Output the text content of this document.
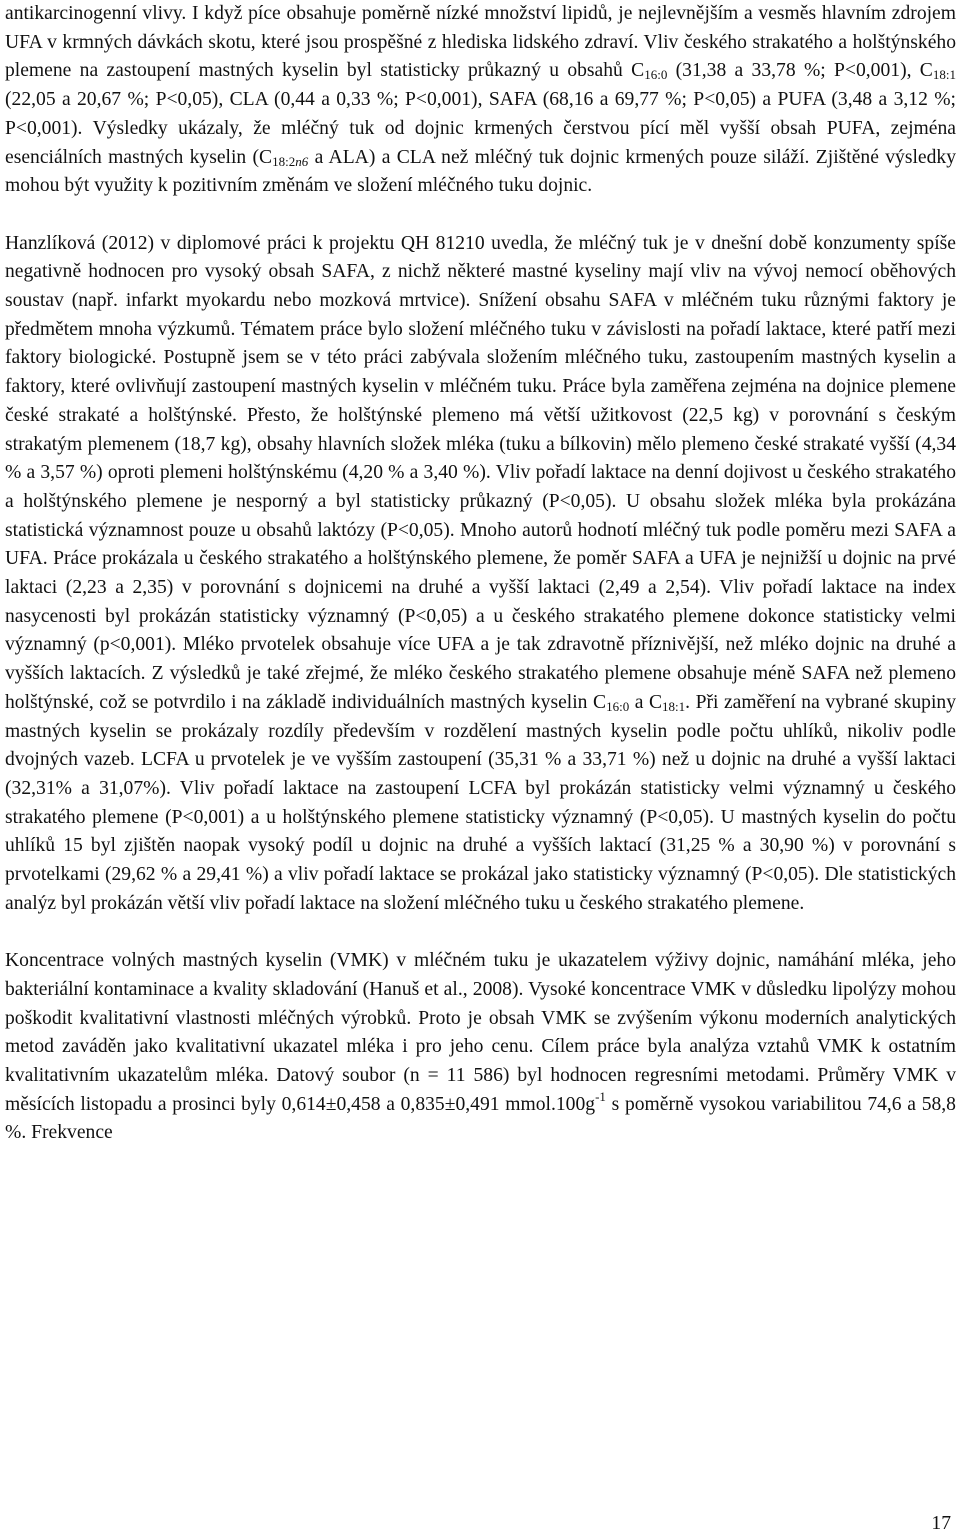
antikarcinogenní vlivy. I když píce obsahuje poměrně nízké množství lipidů, je nejlevnějším a vesměs hlavním zdrojem UFA v krmných dávkách skotu, které jsou prospěšné z hlediska lidského zdraví. Vliv českého strakatého a holštýnského plemene na zastoupení mastných kyselin byl statisticky průkazný u obsahů $C_{16:0}$ (31,38 a 33,78 %; P<0,001), $C_{18:1}$ (22,05 a 20,67 %; P<0,05), CLA (0,44 a 0,33 %; P<0,001), SAFA (68,16 a 69,77 %; P<0,05) a PUFA (3,48 a 3,12 %; P<0,001). Výsledky ukázaly, že mléčný tuk od dojnic krmených čerstvou pící měl vyšší obsah PUFA, zejména esenciálních mastných kyselin ($C_{18:2n6}$ a ALA) a CLA než mléčný tuk dojnic krmených pouze siláží. Zjištěné výsledky mohou být využity k pozitivním změnám ve složení mléčného tuku dojnic.

Hanzlíková (2012) v diplomové práci k projektu QH 81210 uvedla, že mléčný tuk je v dnešní době konzumenty spíše negativně hodnocen pro vysoký obsah SAFA, z nichž některé mastné kyseliny mají vliv na vývoj nemocí oběhových soustav (např. infarkt myokardu nebo mozková mrtvice). Snížení obsahu SAFA v mléčném tuku různými faktory je předmětem mnoha výzkumů. Tématem práce bylo složení mléčného tuku v závislosti na pořadí laktace, které patří mezi faktory biologické. Postupně jsem se v této práci zabývala složením mléčného tuku, zastoupením mastných kyselin a faktory, které ovlivňují zastoupení mastných kyselin v mléčném tuku. Práce byla zaměřena zejména na dojnice plemene české strakaté a holštýnské. Přesto, že holštýnské plemeno má větší užitkovost (22,5 kg) v porovnání s českým strakatým plemenem (18,7 kg), obsahy hlavních složek mléka (tuku a bílkovin) mělo plemeno české strakaté vyšší (4,34 % a 3,57 %) oproti plemeni holštýnskému (4,20 % a 3,40 %). Vliv pořadí laktace na denní dojivost u českého strakatého a holštýnského plemene je nesporný a byl statisticky průkazný (P<0,05). U obsahu složek mléka byla prokázána statistická významnost pouze u obsahů laktózy (P<0,05). Mnoho autorů hodnotí mléčný tuk podle poměru mezi SAFA a UFA. Práce prokázala u českého strakatého a holštýnského plemene, že poměr SAFA a UFA je nejnižší u dojnic na prvé laktaci (2,23 a 2,35) v porovnání s dojnicemi na druhé a vyšší laktaci (2,49 a 2,54). Vliv pořadí laktace na index nasycenosti byl prokázán statisticky významný (P<0,05) a u českého strakatého plemene dokonce statisticky velmi významný (p<0,001). Mléko prvotelek obsahuje více UFA a je tak zdravotně příznivější, než mléko dojnic na druhé a vyšších laktacích. Z výsledků je také zřejmé, že mléko českého strakatého plemene obsahuje méně SAFA než plemeno holštýnské, což se potvrdilo i na základě individuálních mastných kyselin $C_{16:0}$ a $C_{18:1}$. Při zaměření na vybrané skupiny mastných kyselin se prokázaly rozdíly především v rozdělení mastných kyselin podle počtu uhlíků, nikoliv podle dvojných vazeb. LCFA u prvotelek je ve vyšším zastoupení (35,31 % a 33,71 %) než u dojnic na druhé a vyšší laktaci (32,31% a 31,07%). Vliv pořadí laktace na zastoupení LCFA byl prokázán statisticky velmi významný u českého strakatého plemene (P<0,001) a u holštýnského plemene statisticky významný (P<0,05). U mastných kyselin do počtu uhlíků 15 byl zjištěn naopak vysoký podíl u dojnic na druhé a vyšších laktací (31,25 % a 30,90 %) v porovnání s prvotelkami (29,62 % a 29,41 %) a vliv pořadí laktace se prokázal jako statisticky významný (P<0,05). Dle statistických analýz byl prokázán větší vliv pořadí laktace na složení mléčného tuku u českého strakatého plemene.

Koncentrace volných mastných kyselin (VMK) v mléčném tuku je ukazatelem výživy dojnic, namáhání mléka, jeho bakteriální kontaminace a kvality skladování (Hanuš et al., 2008). Vysoké koncentrace VMK v důsledku lipolýzy mohou poškodit kvalitativní vlastnosti mléčných výrobků. Proto je obsah VMK se zvýšením výkonu moderních analytických metod zaváděn jako kvalitativní ukazatel mléka i pro jeho cenu. Cílem práce byla analýza vztahů VMK k ostatním kvalitativním ukazatelům mléka. Datový soubor (n = 11 586) byl hodnocen regresními metodami. Průměry VMK v měsících listopadu a prosinci byly 0,614±0,458 a 0,835±0,491 $mmol.100g^{-1}$ s poměrně vysokou variabilitou 74,6 a 58,8 %. Frekvence

17
